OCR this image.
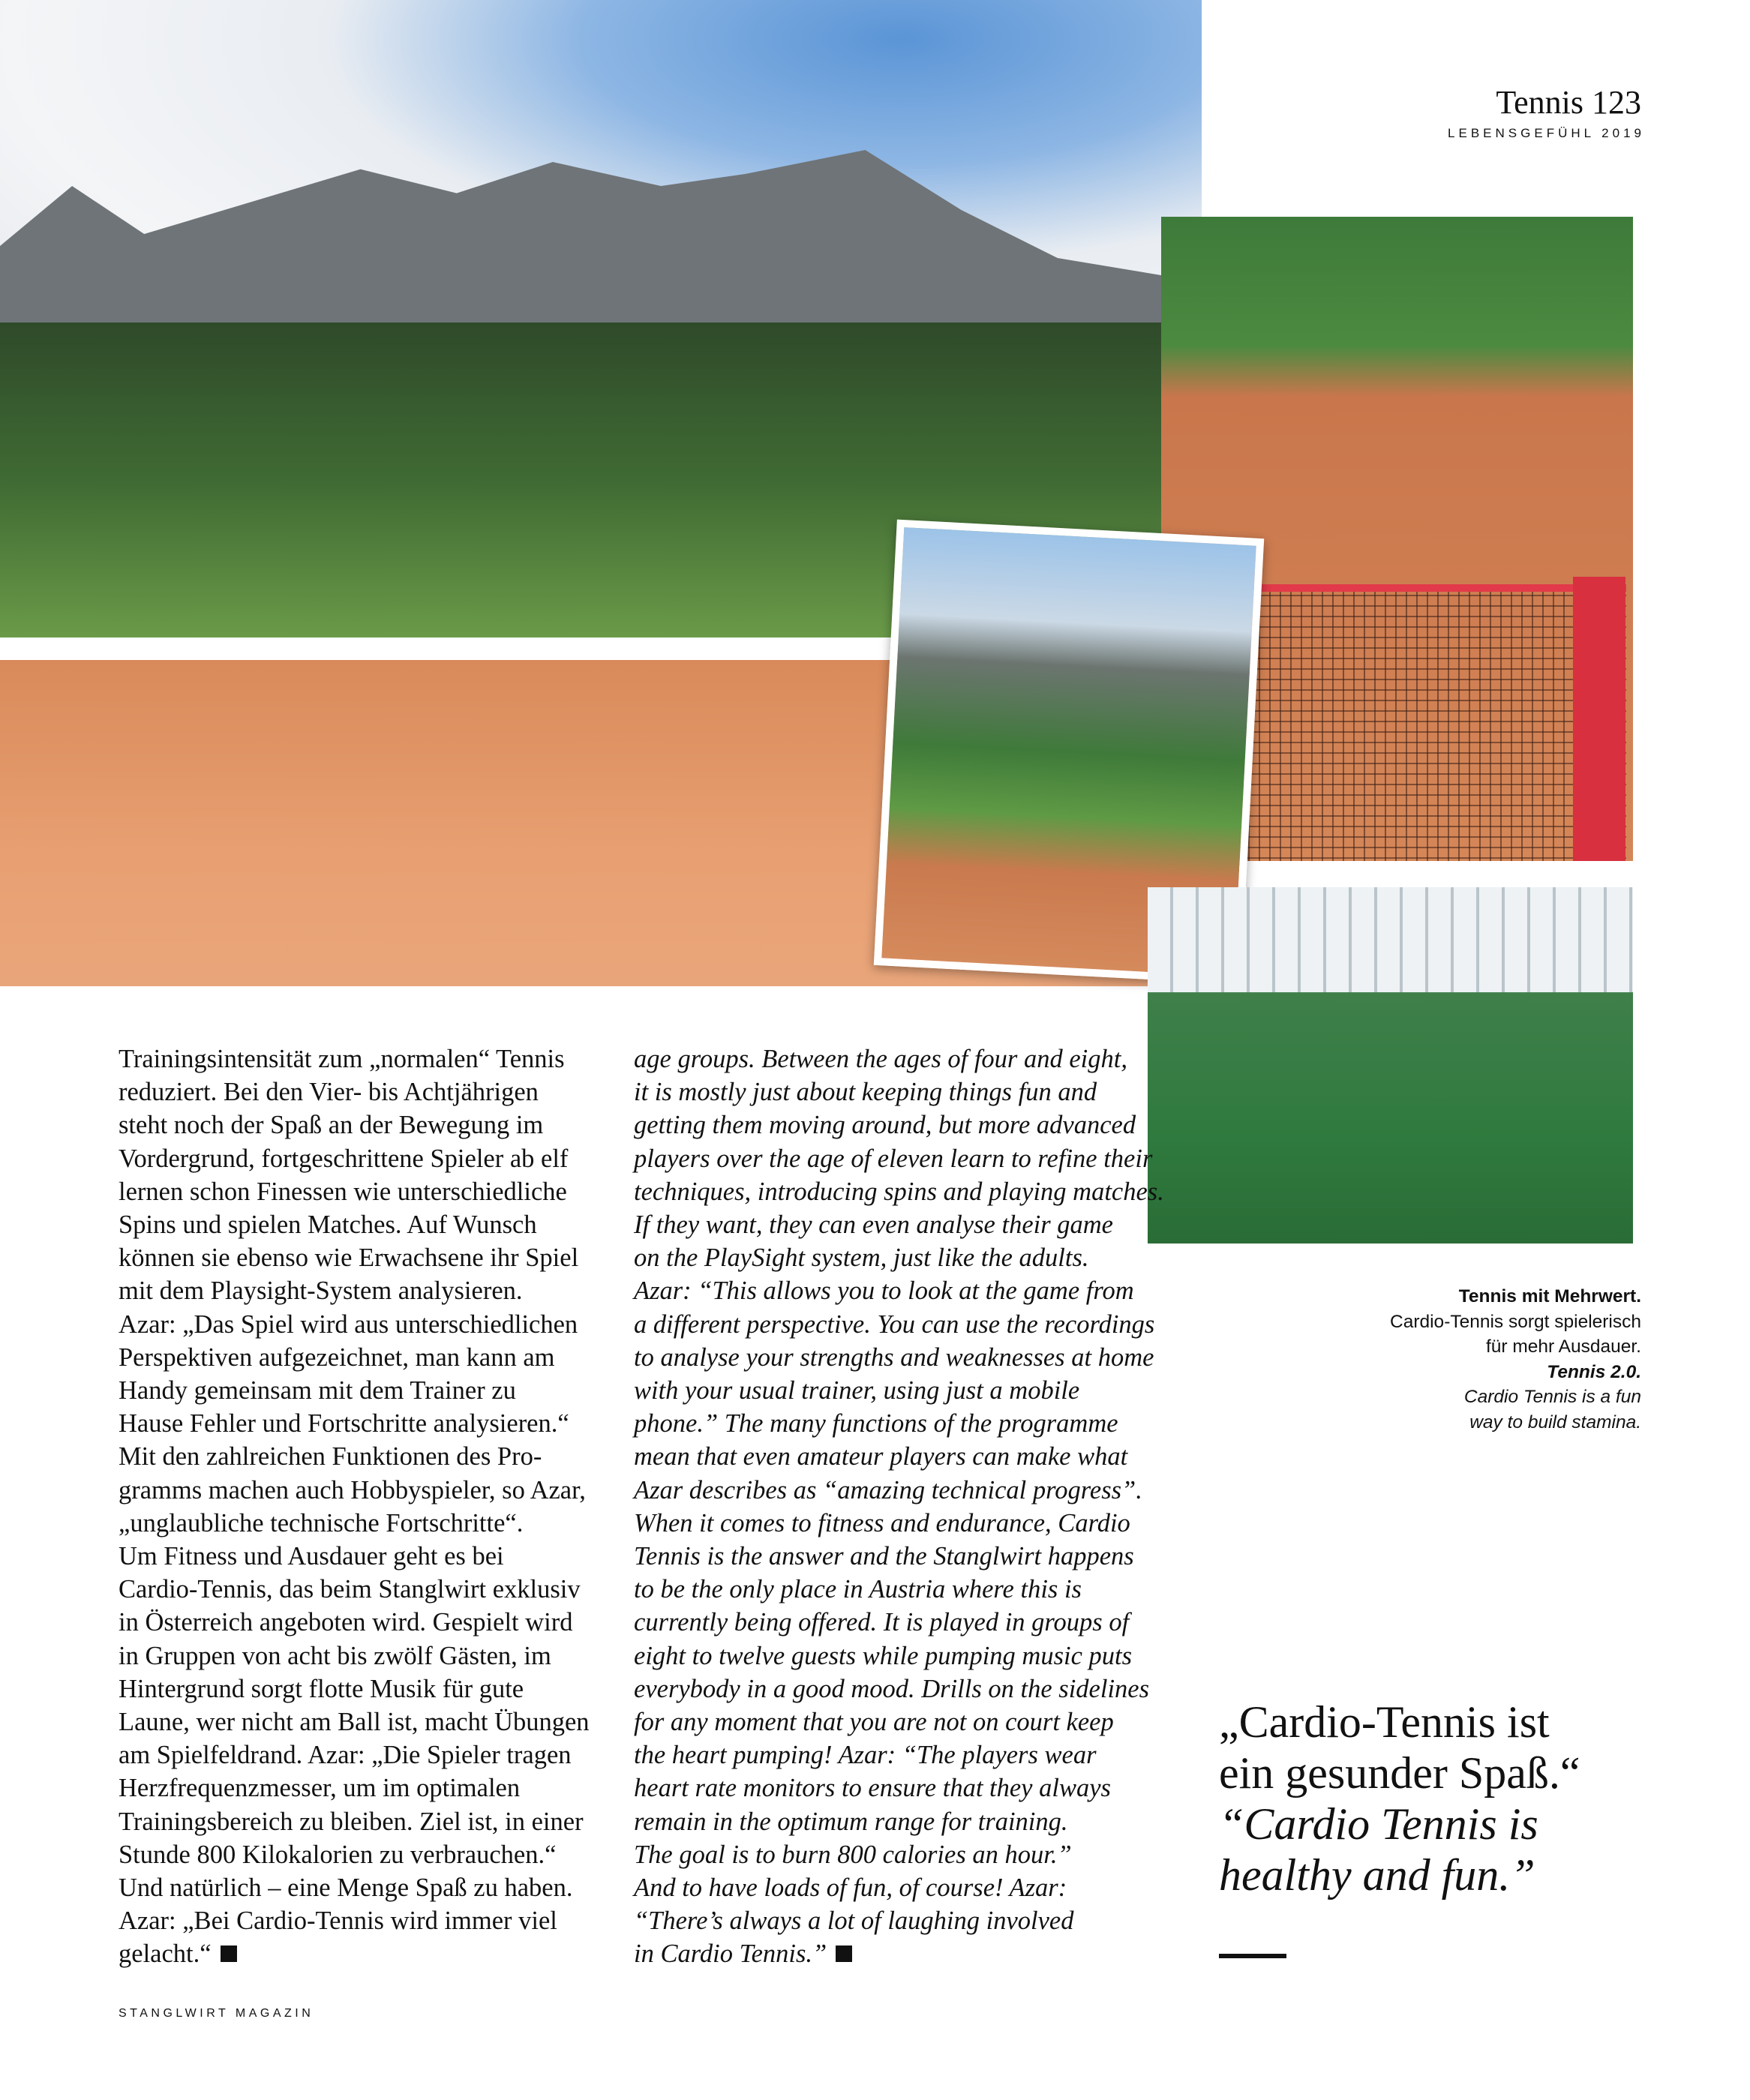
Tennis 123
LEBENSGEFÜHL 2019
Trainingsintensität zum „normalen“ Tennis
reduziert. Bei den Vier- bis Achtjährigen
steht noch der Spaß an der Bewegung im
Vordergrund, fortgeschrittene Spieler ab elf
lernen schon Finessen wie unterschiedliche
Spins und spielen Matches. Auf Wunsch
können sie ebenso wie Erwachsene ihr Spiel
mit dem Playsight-System analysieren.
Azar: „Das Spiel wird aus unterschiedlichen
Perspektiven aufgezeichnet, man kann am
Handy gemeinsam mit dem Trainer zu
Hause Fehler und Fortschritte analysieren.“
Mit den zahlreichen Funktionen des Pro-
gramms machen auch Hobbyspieler, so Azar,
„unglaubliche technische Fortschritte“.
Um Fitness und Ausdauer geht es bei
Cardio-Tennis, das beim Stanglwirt exklusiv
in Österreich angeboten wird. Gespielt wird
in Gruppen von acht bis zwölf Gästen, im
Hintergrund sorgt flotte Musik für gute
Laune, wer nicht am Ball ist, macht Übungen
am Spielfeldrand. Azar: „Die Spieler tragen
Herzfrequenzmesser, um im optimalen
Trainingsbereich zu bleiben. Ziel ist, in einer
Stunde 800 Kilokalorien zu verbrauchen.“
Und natürlich – eine Menge Spaß zu haben.
Azar: „Bei Cardio-Tennis wird immer viel
gelacht.“
age groups. Between the ages of four and eight,
it is mostly just about keeping things fun and
getting them moving around, but more advanced
players over the age of eleven learn to refine their
techniques, introducing spins and playing matches.
If they want, they can even analyse their game
on the PlaySight system, just like the adults.
Azar: “This allows you to look at the game from
a different perspective. You can use the recordings
to analyse your strengths and weaknesses at home
with your usual trainer, using just a mobile
phone.” The many functions of the programme
mean that even amateur players can make what
Azar describes as “amazing technical progress”.
When it comes to fitness and endurance, Cardio
Tennis is the answer and the Stanglwirt happens
to be the only place in Austria where this is
currently being offered. It is played in groups of
eight to twelve guests while pumping music puts
everybody in a good mood. Drills on the sidelines
for any moment that you are not on court keep
the heart pumping! Azar: “The players wear
heart rate monitors to ensure that they always
remain in the optimum range for training.
The goal is to burn 800 calories an hour.”
And to have loads of fun, of course! Azar:
“There’s always a lot of laughing involved
in Cardio Tennis.”
Tennis mit Mehrwert.
Cardio-Tennis sorgt spielerisch
für mehr Ausdauer.
Tennis 2.0.
Cardio Tennis is a fun
way to build stamina.
„Cardio-Tennis ist
ein gesunder Spaß.“
“Cardio Tennis is
healthy and fun.”
STANGLWIRT MAGAZIN
